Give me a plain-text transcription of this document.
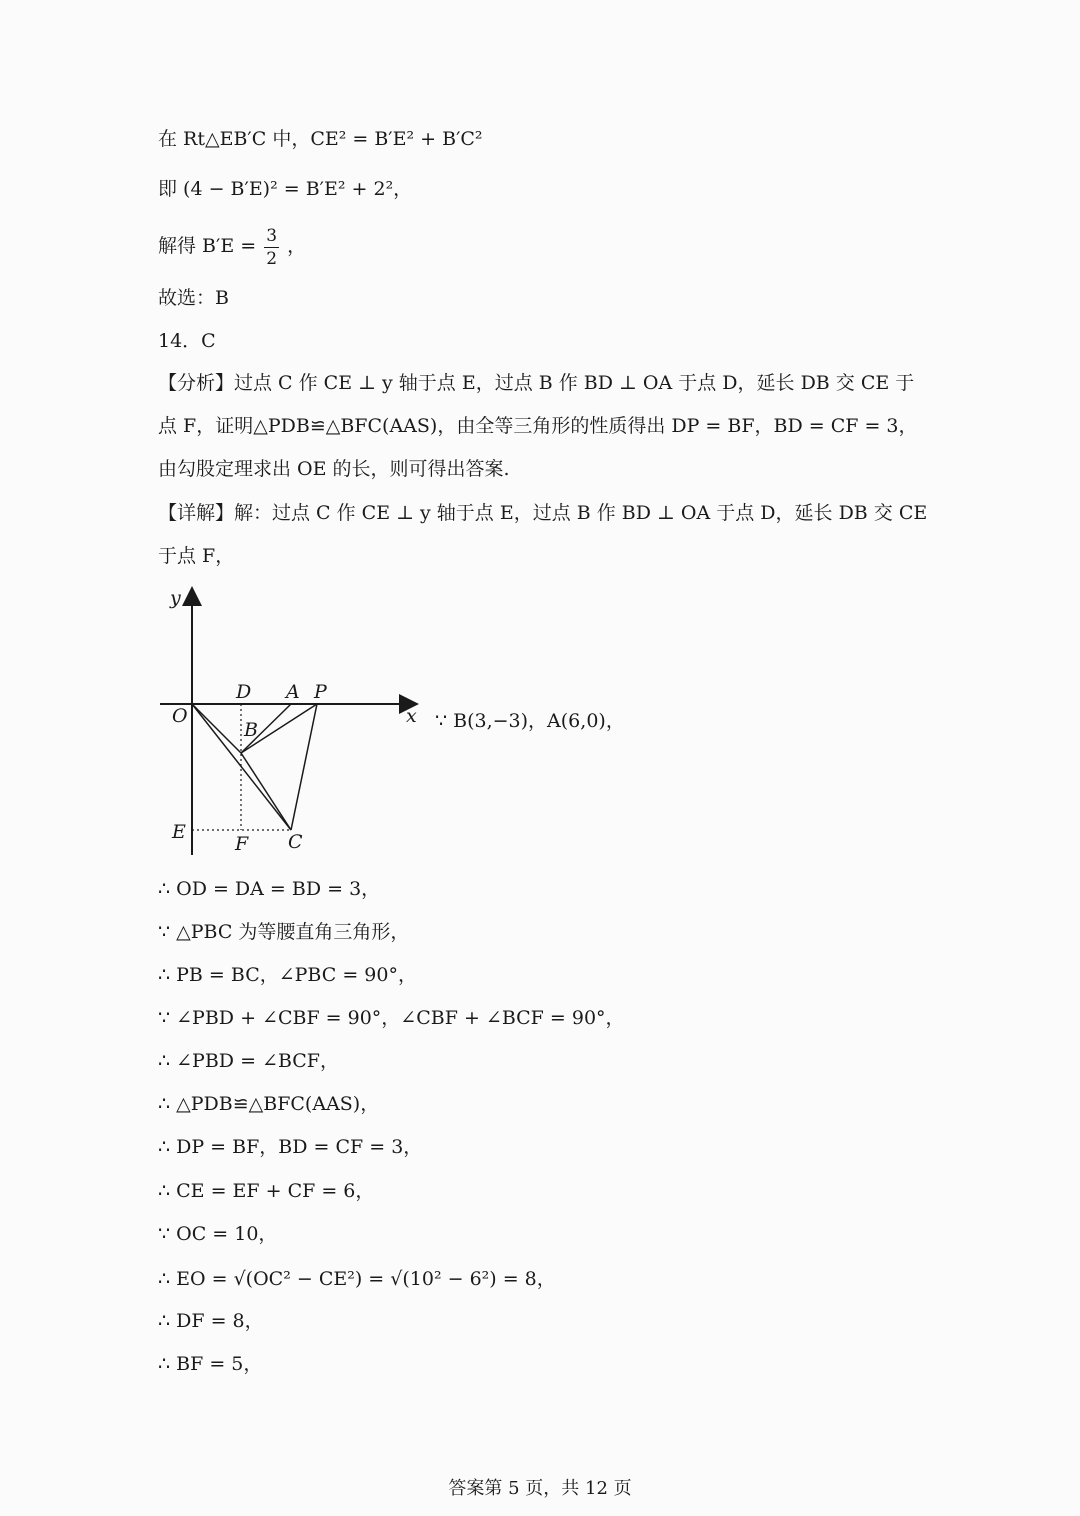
在 Rt△EB′C 中，CE² = B′E² + B′C²
即 (4 − B′E)² = B′E² + 2²，
解得 $B'E = \frac{3}{2}$ ，
故选：B
14．C
【分析】过点 C 作 CE ⊥ y 轴于点 E，过点 B 作 BD ⊥ OA 于点 D，延长 DB 交 CE 于点 F，证明△PDB≌△BFC(AAS)，由全等三角形的性质得出 DP = BF，BD = CF = 3，由勾股定理求出 OE 的长，则可得出答案.
【详解】解：过点 C 作 CE ⊥ y 轴于点 E，过点 B 作 BD ⊥ OA 于点 D，延长 DB 交 CE 于点 F，
y
x
O
D A P
B
E
F C
∵ B(3,−3)，A(6,0)，
∴ OD = DA = BD = 3，
∵ △PBC 为等腰直角三角形，
∴ PB = BC，∠PBC = 90°，
∵ ∠PBD + ∠CBF = 90°，∠CBF + ∠BCF = 90°，
∴ ∠PBD = ∠BCF，
∴ △PDB≌△BFC(AAS)，
∴ DP = BF，BD = CF = 3，
∴ CE = EF + CF = 6，
∵ OC = 10，
∴ EO = √(OC² − CE²) = √(10² − 6²) = 8，
∴ DF = 8，
∴ BF = 5，
答案第 5 页，共 12 页
